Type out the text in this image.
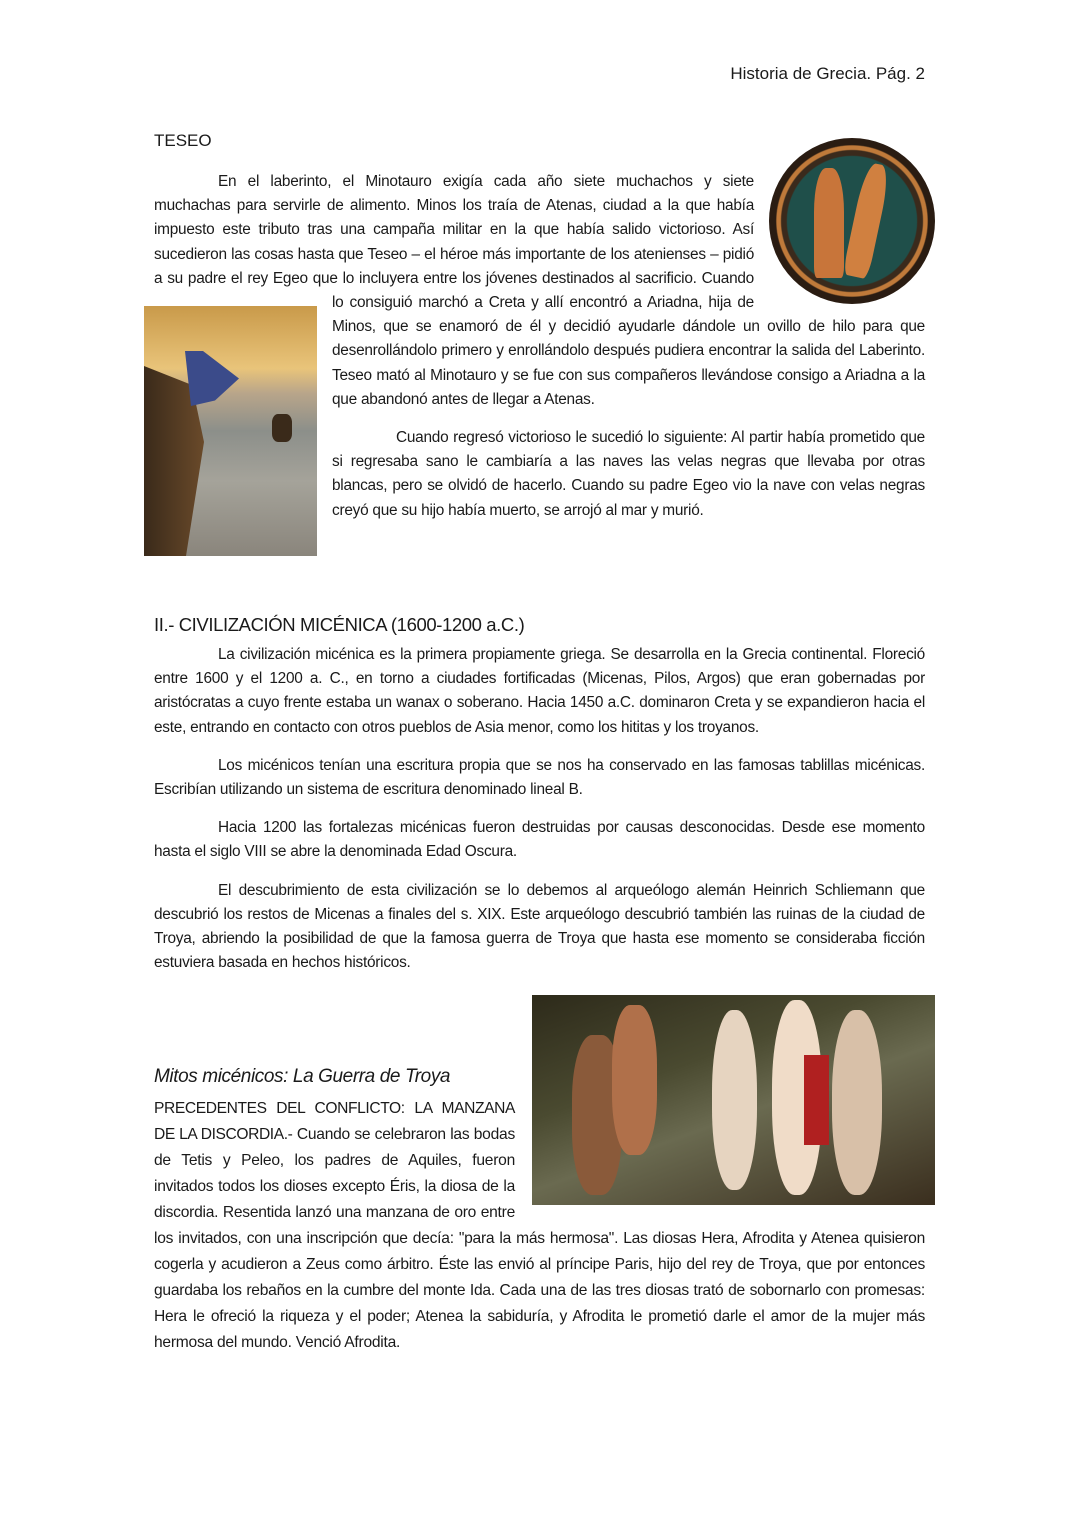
Historia de Grecia. Pág. 2
TESEO

En el laberinto, el Minotauro exigía cada año siete muchachos y siete muchachas para servirle de alimento. Minos los traía de Atenas, ciudad a la que había impuesto este tributo tras una campaña militar en la que había salido victorioso. Así sucedieron las cosas hasta que Teseo – el héroe más importante de los atenienses – pidió a su padre el rey Egeo que lo incluyera entre los jóvenes destinados al sacrificio. Cuando lo consiguió marchó a Creta y allí encontró a Ariadna, hija de Minos, que se enamoró de él y decidió ayudarle dándole un ovillo de hilo para que desenrollándolo primero y enrollándolo después pudiera encontrar la salida del Laberinto. Teseo mató al Minotauro y se fue con sus compañeros llevándose consigo a Ariadna a la que abandonó antes de llegar a Atenas.

Cuando regresó victorioso le sucedió lo siguiente: Al partir había prometido que si regresaba sano le cambiaría a las naves las velas negras que llevaba por otras blancas, pero se olvidó de hacerlo. Cuando su padre Egeo vio la nave con velas negras creyó que su hijo había muerto, se arrojó al mar y murió.

II.- CIVILIZACIÓN MICÉNICA (1600-1200 a.C.)

La civilización micénica es la primera propiamente griega. Se desarrolla en la Grecia continental. Floreció entre 1600 y el 1200 a. C., en torno a ciudades fortificadas (Micenas, Pilos, Argos) que eran gobernadas por aristócratas a cuyo frente estaba un wanax o soberano. Hacia 1450 a.C. dominaron Creta y se expandieron hacia el este, entrando en contacto con otros pueblos de Asia menor, como los hititas y los troyanos.

Los micénicos tenían una escritura propia que se nos ha conservado en las famosas tablillas micénicas. Escribían utilizando un sistema de escritura denominado lineal B.

Hacia 1200 las fortalezas micénicas fueron destruidas por causas desconocidas. Desde ese momento hasta el siglo VIII se abre la denominada Edad Oscura.

El descubrimiento de esta civilización se lo debemos al arqueólogo alemán Heinrich Schliemann que descubrió los restos de Micenas a finales del s. XIX. Este arqueólogo descubrió también las ruinas de la ciudad de Troya, abriendo la posibilidad de que la famosa guerra de Troya que hasta ese momento se consideraba ficción estuviera basada en hechos históricos.

Mitos micénicos: La Guerra de Troya

PRECEDENTES DEL CONFLICTO: LA MANZANA DE LA DISCORDIA.- Cuando se celebraron las bodas de Tetis y Peleo, los padres de Aquiles, fueron invitados todos los dioses excepto Éris, la diosa de la discordia. Resentida lanzó una manzana de oro entre los invitados, con una inscripción que decía: "para la más hermosa". Las diosas Hera, Afrodita y Atenea quisieron cogerla y acudieron a Zeus como árbitro. Éste las envió al príncipe Paris, hijo del rey de Troya, que por entonces guardaba los rebaños en la cumbre del monte Ida. Cada una de las tres diosas trató de sobornarlo con promesas: Hera le ofreció la riqueza y el poder; Atenea la sabiduría, y Afrodita le prometió darle el amor de la mujer más hermosa del mundo. Venció Afrodita.
